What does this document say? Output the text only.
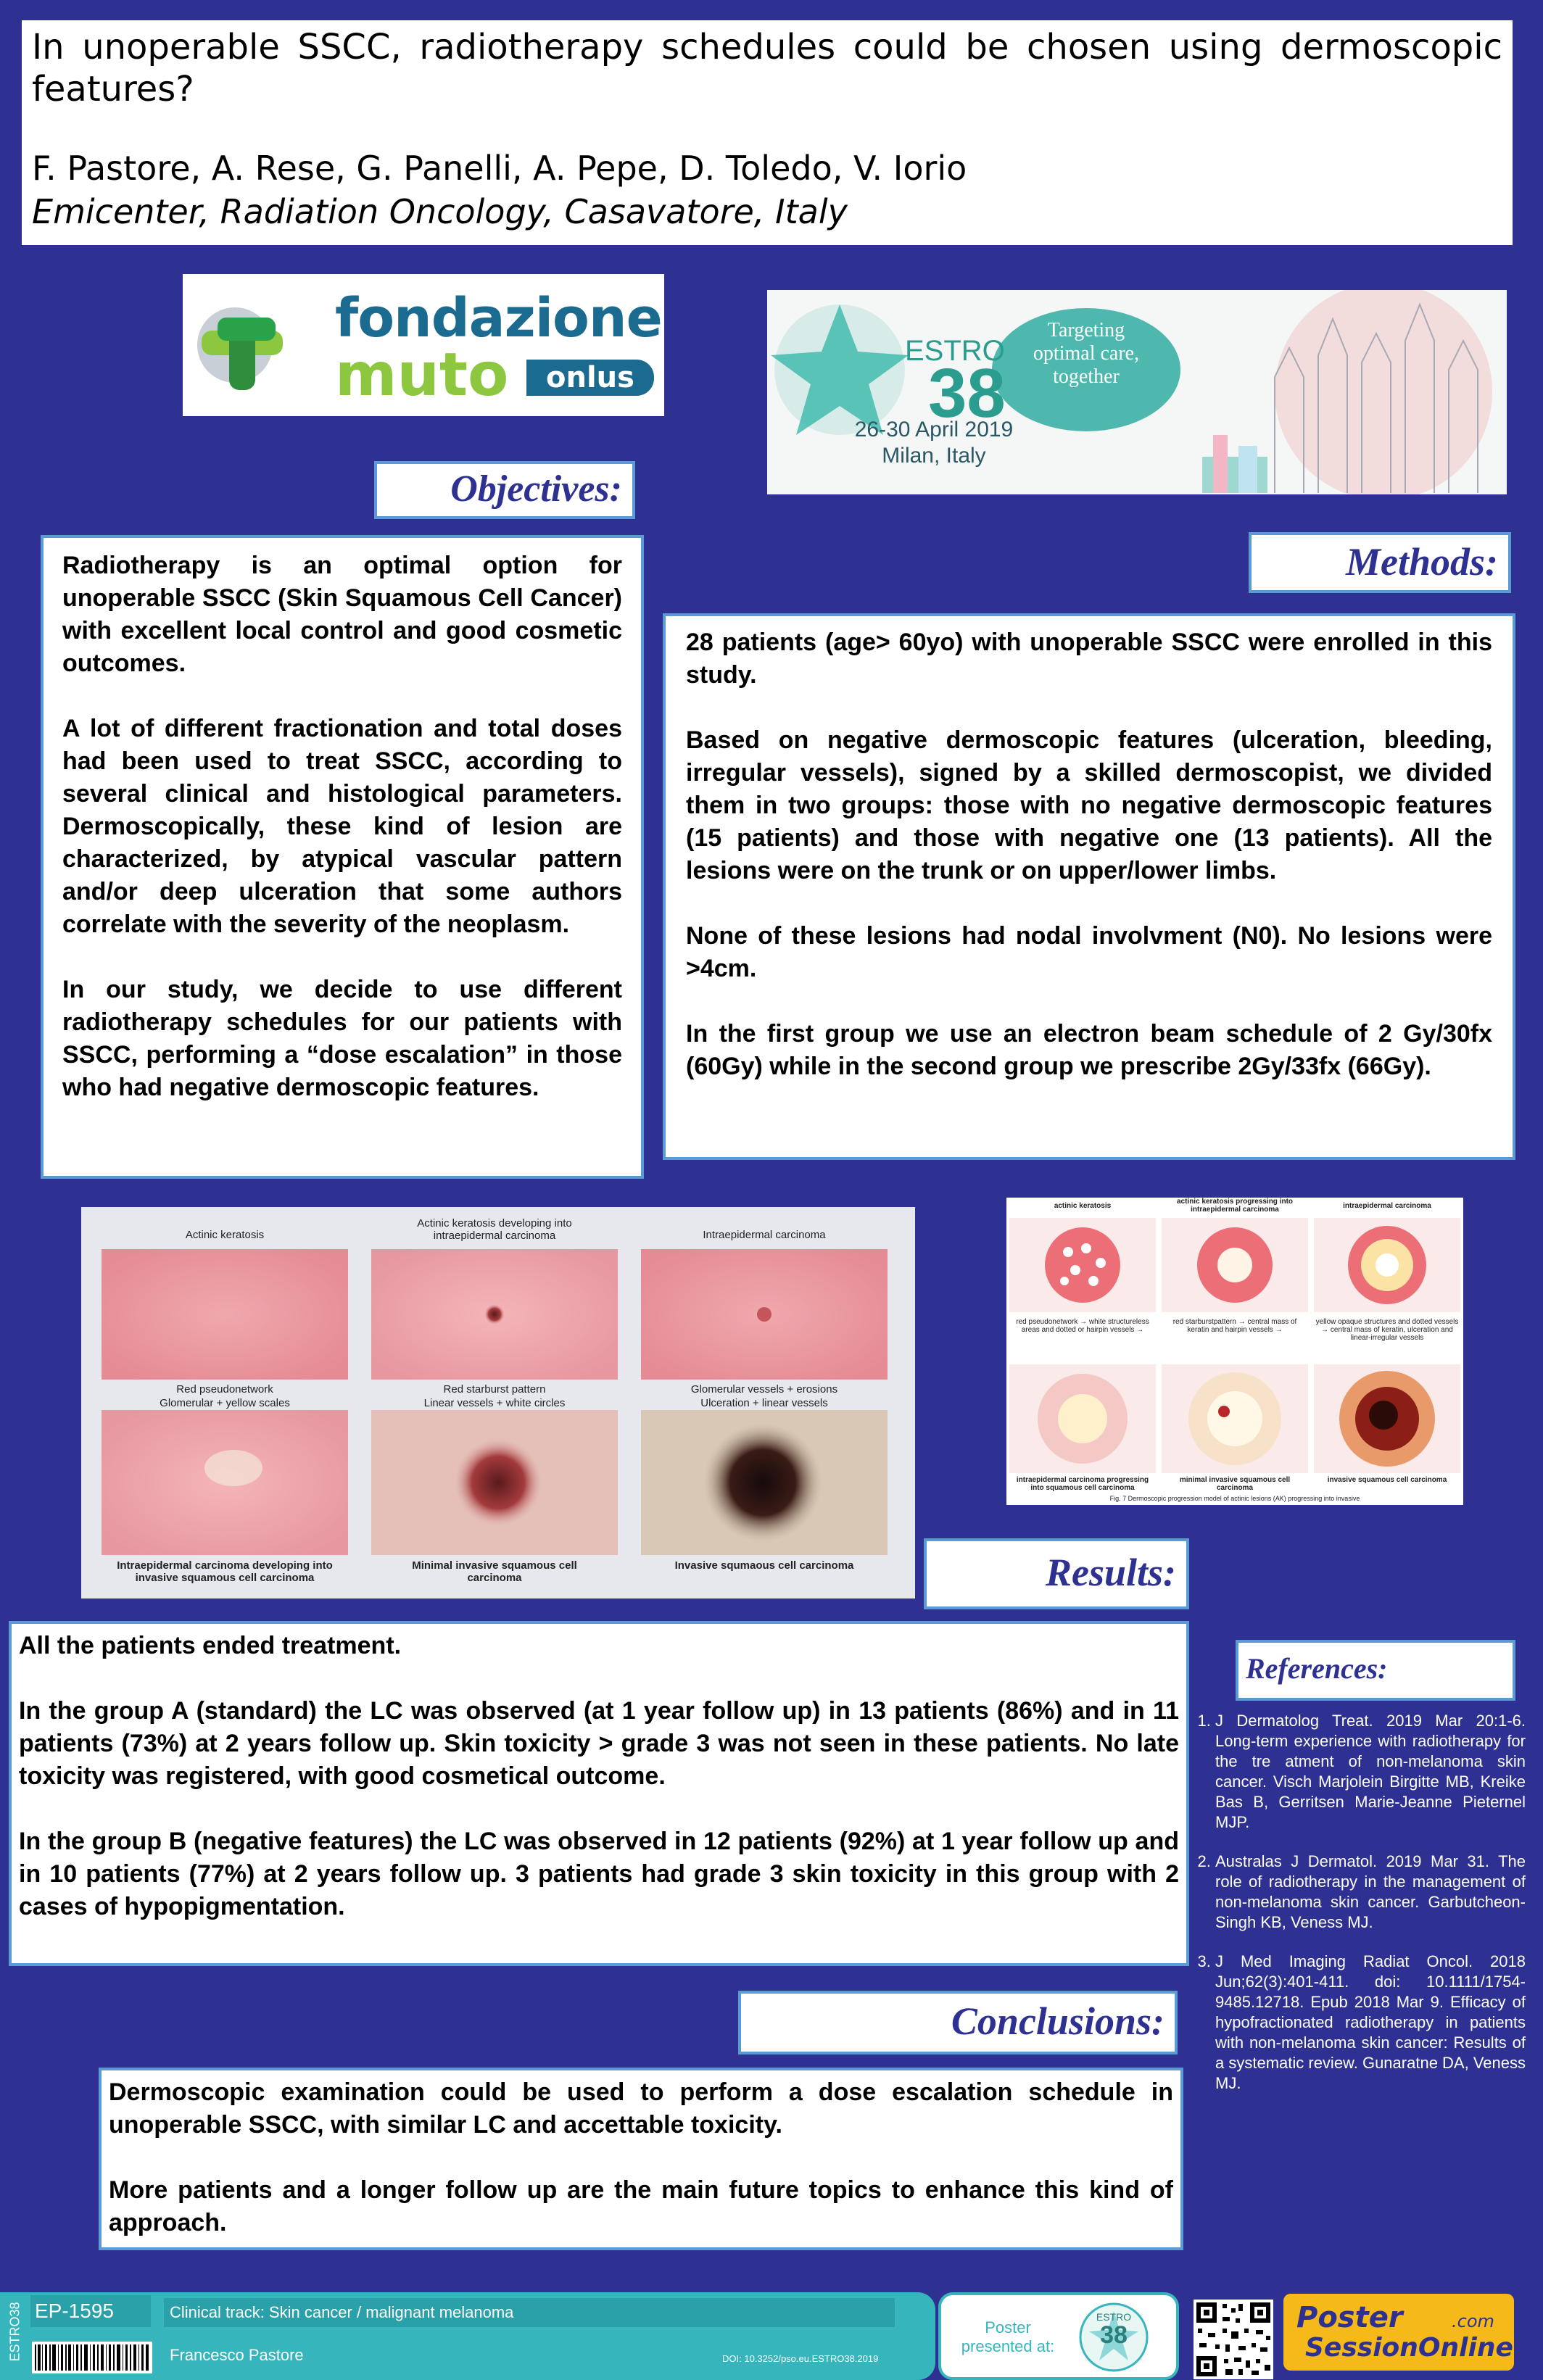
In unoperable SSCC, radiotherapy schedules could be chosen using dermoscopic features?
F. Pastore, A. Rese, G. Panelli, A. Pepe, D. Toledo, V. Iorio
Emicenter, Radiation Oncology, Casavatore, Italy
fondazione
muto	onlus
ESTRO
38
26-30 April 2019
Milan, Italy
Targeting
optimal care,
together
Objectives:

Radiotherapy is an optimal option for unoperable SSCC (Skin Squamous Cell Cancer) with excellent local control and good cosmetic outcomes.

A lot of different fractionation and total doses had been used to treat SSCC, according to several clinical and histological parameters. Dermoscopically, these kind of lesion are characterized, by atypical vascular pattern and/or deep ulceration that some authors correlate with the severity of the neoplasm.

In our study, we decide to use different radiotherapy schedules for our patients with SSCC, performing a “dose escalation” in those who had negative dermoscopic features.

Methods:

28 patients (age> 60yo) with unoperable SSCC were enrolled in this study.

Based on negative dermoscopic features (ulceration, bleeding, irregular vessels), signed by a skilled dermoscopist, we divided them in two groups: those with no negative dermoscopic features (15 patients) and those with negative one (13 patients). All the lesions were on the trunk or on upper/lower limbs.

None of these lesions had nodal involvment (N0). No lesions were >4cm.

In the first group we use an electron beam schedule of 2 Gy/30fx (60Gy) while in the second group we prescribe 2Gy/33fx (66Gy).

Actinic keratosis
Actinic keratosis developing into intraepidermal carcinoma	Intraepidermal carcinoma
Red pseudonetwork	Red starburst pattern	Glomerular vessels + erosions
Glomerular + yellow scales	Linear vessels + white circles	Ulceration + linear vessels
Intraepidermal carcinoma developing into invasive squamous cell carcinoma
Minimal invasive squamous cell carcinoma
Invasive squmaous cell carcinoma
actinic keratosis
actinic keratosis progressing into intraepidermal carcinoma	intraepidermal carcinoma
red pseudonetwork → white structureless areas and dotted or hairpin vessels →
red starburstpattern → central mass of keratin and hairpin vessels →
yellow opaque structures and dotted vessels → central mass of keratin, ulceration and linear-irregular vessels
intraepidermal carcinoma progressing into squamous cell carcinoma
minimal invasive squamous cell carcinoma
invasive squamous cell carcinoma
Fig. 7 Dermoscopic progression model of actinic lesions (AK) progressing into invasive
Results:

All the patients ended treatment.

In the group A (standard) the LC was observed (at 1 year follow up) in 13 patients (86%) and in 11 patients (73%) at 2 years follow up. Skin toxicity > grade 3 was not seen in these patients. No late toxicity was registered, with good cosmetical outcome.

In the group B (negative features) the LC was observed in 12 patients (92%) at 1 year follow up and in 10 patients (77%) at 2 years follow up. 3 patients had grade 3 skin toxicity in this group with 2 cases of hypopigmentation.

References:
1. J Dermatolog Treat. 2019 Mar 20:1-6. Long-term experience with radiotherapy for the tre atment of non-melanoma skin cancer. Visch Marjolein Birgitte MB, Kreike Bas B, Gerritsen Marie-Jeanne Pieternel MJP.
2. Australas J Dermatol. 2019 Mar 31. The role of radiotherapy in the management of non-melanoma skin cancer. Garbutcheon-Singh KB, Veness MJ.
3. J Med Imaging Radiat Oncol. 2018 Jun;62(3):401-411. doi: 10.1111/1754-9485.12718. Epub 2018 Mar 9. Efficacy of hypofractionated radiotherapy in patients with non-melanoma skin cancer: Results of a systematic review. Gunaratne DA, Veness MJ.
Conclusions:

Dermoscopic examination could be used to perform a dose escalation schedule in unoperable SSCC, with similar LC and accettable toxicity.

More patients and a longer follow up are the main future topics to enhance this kind of approach.

ESTRO38 EP-1595	Clinical track: Skin cancer / malignant melanoma
Francesco Pastore	DOI: 10.3252/pso.eu.ESTRO38.2019
Poster
presented at:
ESTRO
38
Poster
SessionOnline
.com
